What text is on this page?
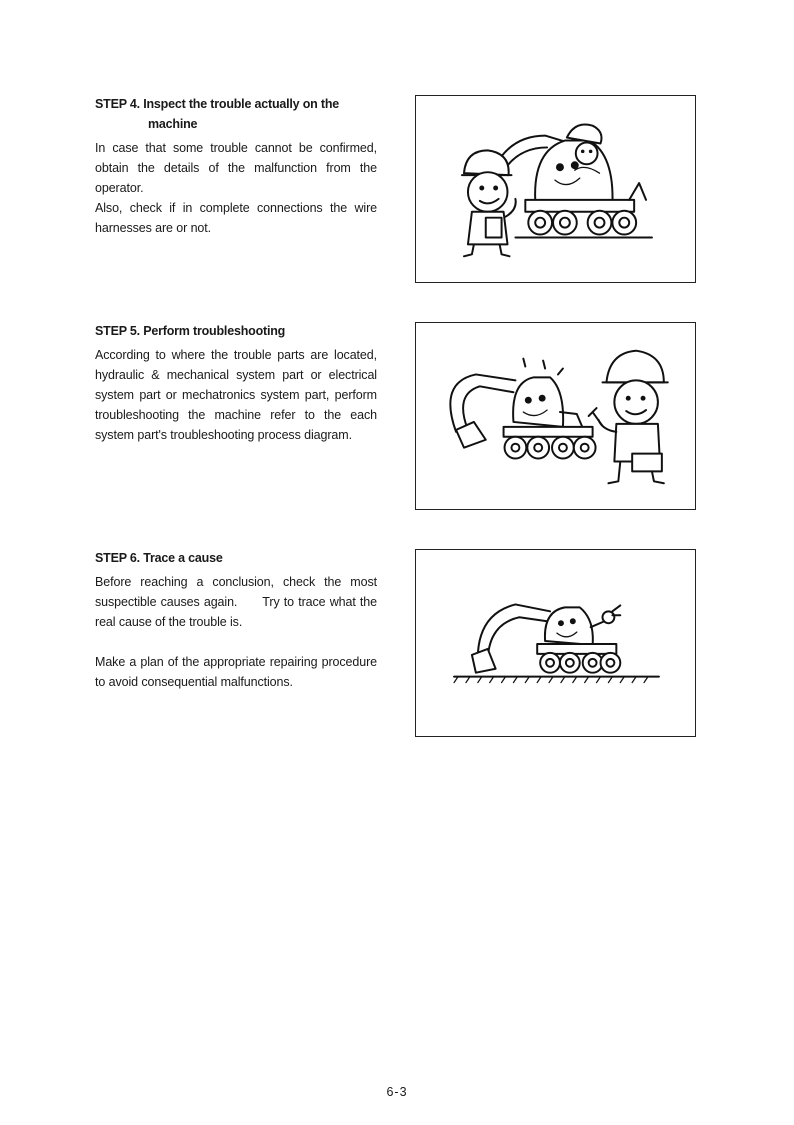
STEP 4. Inspect the trouble actually on the
machine

In case that some trouble cannot be confirmed, obtain the details of the malfunction from the operator.

Also, check if in complete connections the wire harnesses are or not.

STEP 5. Perform troubleshooting

According to where the trouble parts are located, hydraulic & mechanical system part or electrical system part or mechatronics system part, perform troubleshooting the machine refer to the each system part's troubleshooting process diagram.

STEP 6. Trace a cause

Before reaching a conclusion, check the most suspectible causes again.      Try to trace what the real cause of the trouble is.

Make a plan of the appropriate repairing procedure to avoid consequential malfunctions.

6-3
